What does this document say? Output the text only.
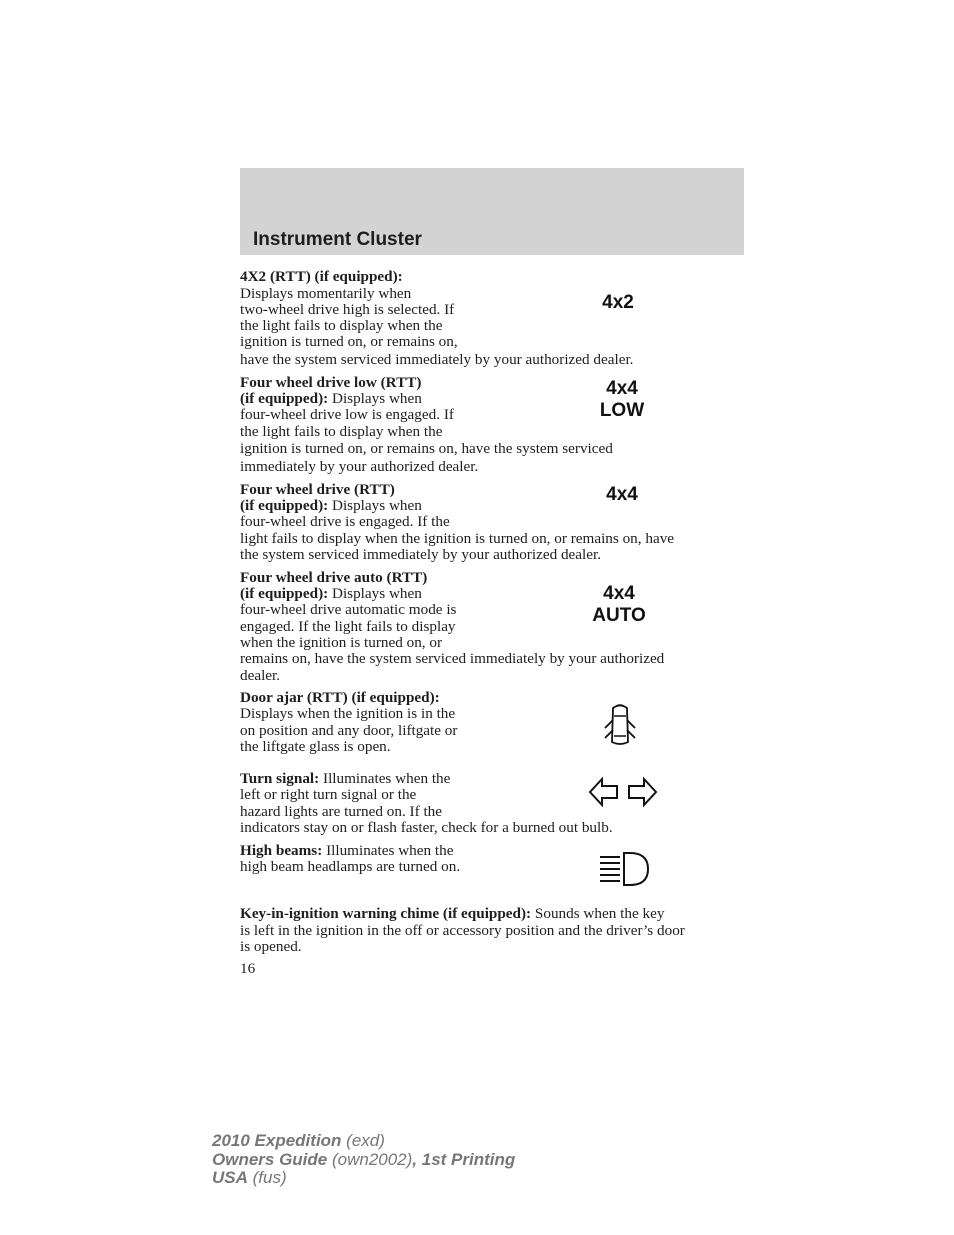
Instrument Cluster
4X2 (RTT) (if equipped):
Displays momentarily when
two-wheel drive high is selected. If
the light fails to display when the
ignition is turned on, or remains on,
have the system serviced immediately by your authorized dealer.
4x2
Four wheel drive low (RTT)
(if equipped): Displays when
four-wheel drive low is engaged. If
the light fails to display when the
ignition is turned on, or remains on, have the system serviced
immediately by your authorized dealer.
4x4
LOW
Four wheel drive (RTT)
(if equipped): Displays when
four-wheel drive is engaged. If the
light fails to display when the ignition is turned on, or remains on, have
the system serviced immediately by your authorized dealer.
4x4
Four wheel drive auto (RTT)
(if equipped): Displays when
four-wheel drive automatic mode is
engaged. If the light fails to display
when the ignition is turned on, or
remains on, have the system serviced immediately by your authorized
dealer.
4x4
AUTO
Door ajar (RTT) (if equipped):
Displays when the ignition is in the
on position and any door, liftgate or
the liftgate glass is open.
Turn signal: Illuminates when the
left or right turn signal or the
hazard lights are turned on. If the
indicators stay on or flash faster, check for a burned out bulb.
High beams: Illuminates when the
high beam headlamps are turned on.
Key-in-ignition warning chime (if equipped): Sounds when the key
is left in the ignition in the off or accessory position and the driver’s door
is opened.
16
2010 Expedition (exd)
Owners Guide (own2002), 1st Printing
USA (fus)
